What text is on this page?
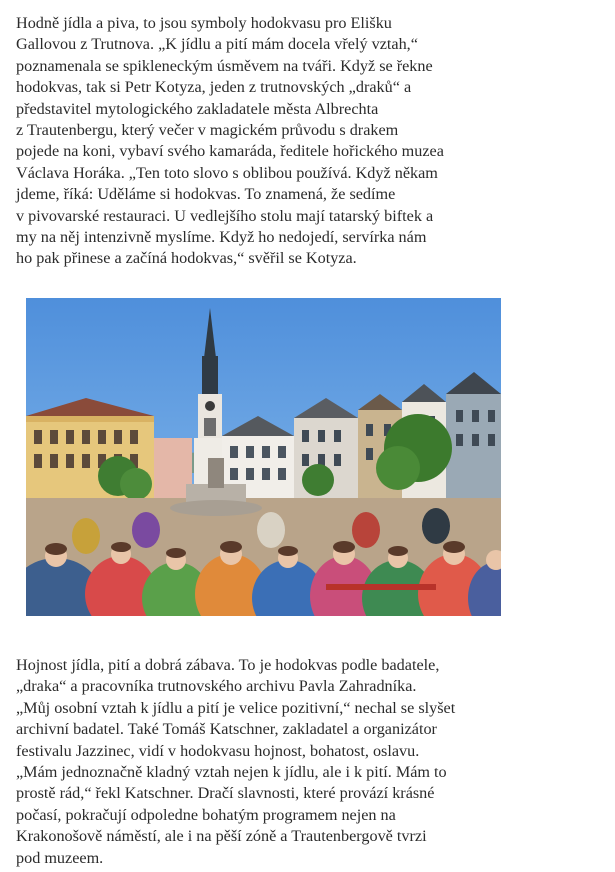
Hodně jídla a piva, to jsou symboly hodokvasu pro Elišku
Gallovou z Trutnova. „K jídlu a pití mám docela vřelý vztah,“
poznamenala se spikleneckým úsměvem na tváři. Když se řekne
hodokvas, tak si Petr Kotyza, jeden z trutnovských „draků“ a
představitel mytologického zakladatele města Albrechta
z Trautenbergu, který večer v magickém průvodu s drakem
pojede na koni, vybaví svého kamaráda, ředitele hořického muzea
Václava Horáka. „Ten toto slovo s oblibou používá. Když někam
jdeme, říká: Uděláme si hodokvas. To znamená, že sedíme
v pivovarské restauraci. U vedlejšího stolu mají tatarský biftek a
my na něj intenzivně myslíme. Když ho nedojedí, servírka nám
ho pak přinese a začíná hodokvas,“ svěřil se Kotyza.

Hojnost jídla, pití a dobrá zábava. To je hodokvas podle badatele,
„draka“ a pracovníka trutnovského archivu Pavla Zahradníka.
„Můj osobní vztah k jídlu a pití je velice pozitivní,“ nechal se slyšet
archivní badatel. Také Tomáš Katschner, zakladatel a organizátor
festivalu Jazzinec, vidí v hodokvasu hojnost, bohatost, oslavu.
„Mám jednoznačně kladný vztah nejen k jídlu, ale i k pití. Mám to
prostě rád,“ řekl Katschner. Dračí slavnosti, které provází krásné
počasí, pokračují odpoledne bohatým programem nejen na
Krakonošově náměstí, ale i na pěší zóně a Trautenbergově tvrzi
pod muzeem.
